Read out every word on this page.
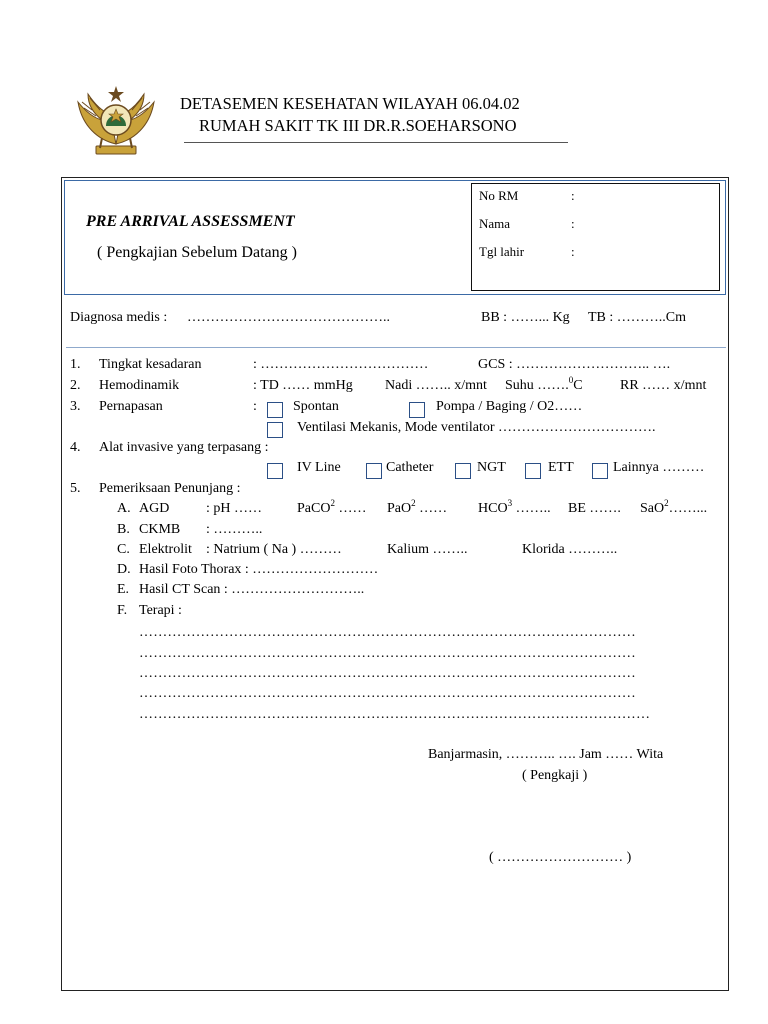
DETASEMEN KESEHATAN WILAYAH 06.04.02
RUMAH SAKIT TK III DR.R.SOEHARSONO
PRE ARRIVAL ASSESSMENT
( Pengkajian Sebelum Datang )
No RM	:
Nama	:
Tgl lahir	:
Diagnosa medis : ……………………………………..	BB : ……... Kg TB : ………..Cm
1. Tingkat kesadaran	: ………………………………	GCS : ……………………….. ….
2. Hemodinamik	: TD …… mmHg Nadi …….. x/mnt Suhu …….$^0$C	RR …… x/mnt
3. Pernapasan	:	Spontan	Pompa / Baging / O2……
Ventilasi Mekanis, Mode ventilator …………………………….
4. Alat invasive yang terpasang :
IV Line	Catheter	NGT	ETT	Lainnya ………
5. Pemeriksaan Penunjang :
A. AGD	: pH ……	PaCO$^2$ …… PaO$^2$ …… HCO$^3$ …….. BE ……. SaO$^2$……...
B. CKMB : ………..
C. Elektrolit : Natrium ( Na ) ………	Kalium ……..	Klorida ………..
D. Hasil Foto Thorax : ………………………
E. Hasil CT Scan : ………………………..
F. Terapi :
……………………………………………………………………………………………
……………………………………………………………………………………………
……………………………………………………………………………………………
……………………………………………………………………………………………
………………………………………………………………………………………………
Banjarmasin, ……….. …. Jam …… Wita
( Pengkaji )
( ……………………… )
